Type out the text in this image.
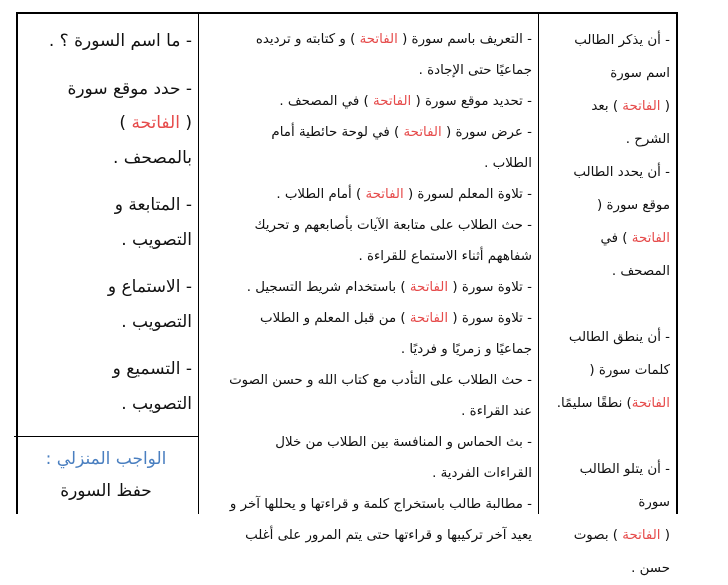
- أن يذكر الطالب
اسم سورة
( الفاتحة ) بعد
الشرح .
- أن يحدد الطالب
موقع سورة (
الفاتحة ) في
المصحف .

- أن ينطق الطالب
كلمات سورة (
الفاتحة) نطقًا سليمًا.

- أن يتلو الطالب
سورة
( الفاتحة ) بصوت
حسن .
- التعريف باسم سورة ( الفاتحة ) و كتابته و ترديده
جماعيًا حتى الإجادة .
- تحديد موقع سورة ( الفاتحة ) في المصحف .
- عرض سورة ( الفاتحة ) في لوحة حائطية أمام
الطلاب .
- تلاوة المعلم لسورة ( الفاتحة ) أمام الطلاب .
- حث الطلاب على متابعة الآيات بأصابعهم و تحريك
شفاههم أثناء الاستماع للقراءة .
- تلاوة سورة ( الفاتحة ) باستخدام شريط التسجيل .
- تلاوة سورة ( الفاتحة ) من قبل المعلم و الطلاب
جماعيًا و زمريًا و فرديًا .
- حث الطلاب على التأدب مع كتاب الله و حسن الصوت
عند القراءة .
- بث الحماس و المنافسة بين الطلاب من خلال
القراءات الفردية .
- مطالبة طالب باستخراج كلمة و قراءتها و يحللها آخر و
يعيد آخر تركيبها و قراءتها حتى يتم المرور على أغلب
- ما اسم السورة ؟ .
- حدد موقع سورة
( الفاتحة )
بالمصحف .
- المتابعة و
التصويب .
- الاستماع و
التصويب .
- التسميع و
التصويب .
الواجب المنزلي :
حفظ السورة
